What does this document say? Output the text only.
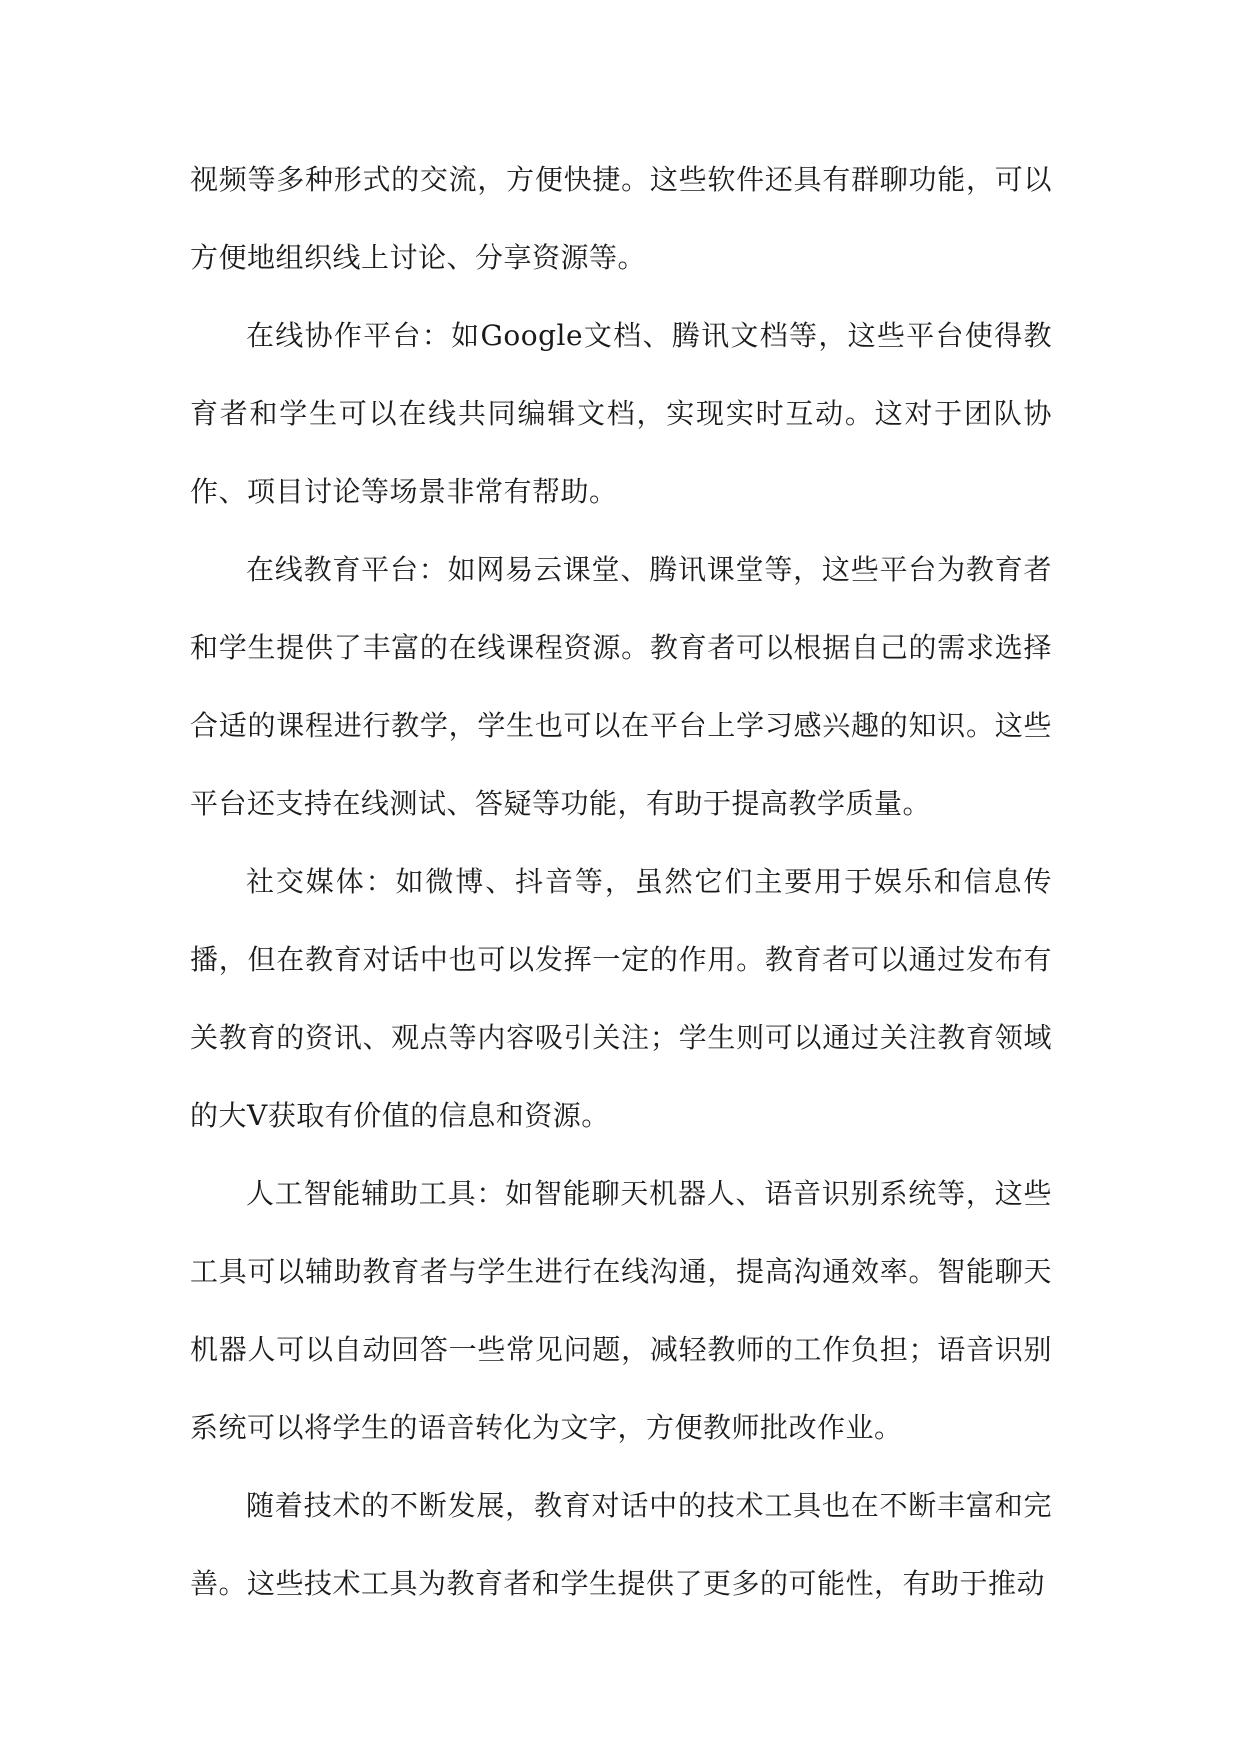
视频等多种形式的交流，方便快捷。这些软件还具有群聊功能，可以方便地组织线上讨论、分享资源等。

在线协作平台：如Google文档、腾讯文档等，这些平台使得教育者和学生可以在线共同编辑文档，实现实时互动。这对于团队协作、项目讨论等场景非常有帮助。

在线教育平台：如网易云课堂、腾讯课堂等，这些平台为教育者和学生提供了丰富的在线课程资源。教育者可以根据自己的需求选择合适的课程进行教学，学生也可以在平台上学习感兴趣的知识。这些平台还支持在线测试、答疑等功能，有助于提高教学质量。

社交媒体：如微博、抖音等，虽然它们主要用于娱乐和信息传播，但在教育对话中也可以发挥一定的作用。教育者可以通过发布有关教育的资讯、观点等内容吸引关注；学生则可以通过关注教育领域的大V获取有价值的信息和资源。

人工智能辅助工具：如智能聊天机器人、语音识别系统等，这些工具可以辅助教育者与学生进行在线沟通，提高沟通效率。智能聊天机器人可以自动回答一些常见问题，减轻教师的工作负担；语音识别系统可以将学生的语音转化为文字，方便教师批改作业。

随着技术的不断发展，教育对话中的技术工具也在不断丰富和完善。这些技术工具为教育者和学生提供了更多的可能性，有助于推动
